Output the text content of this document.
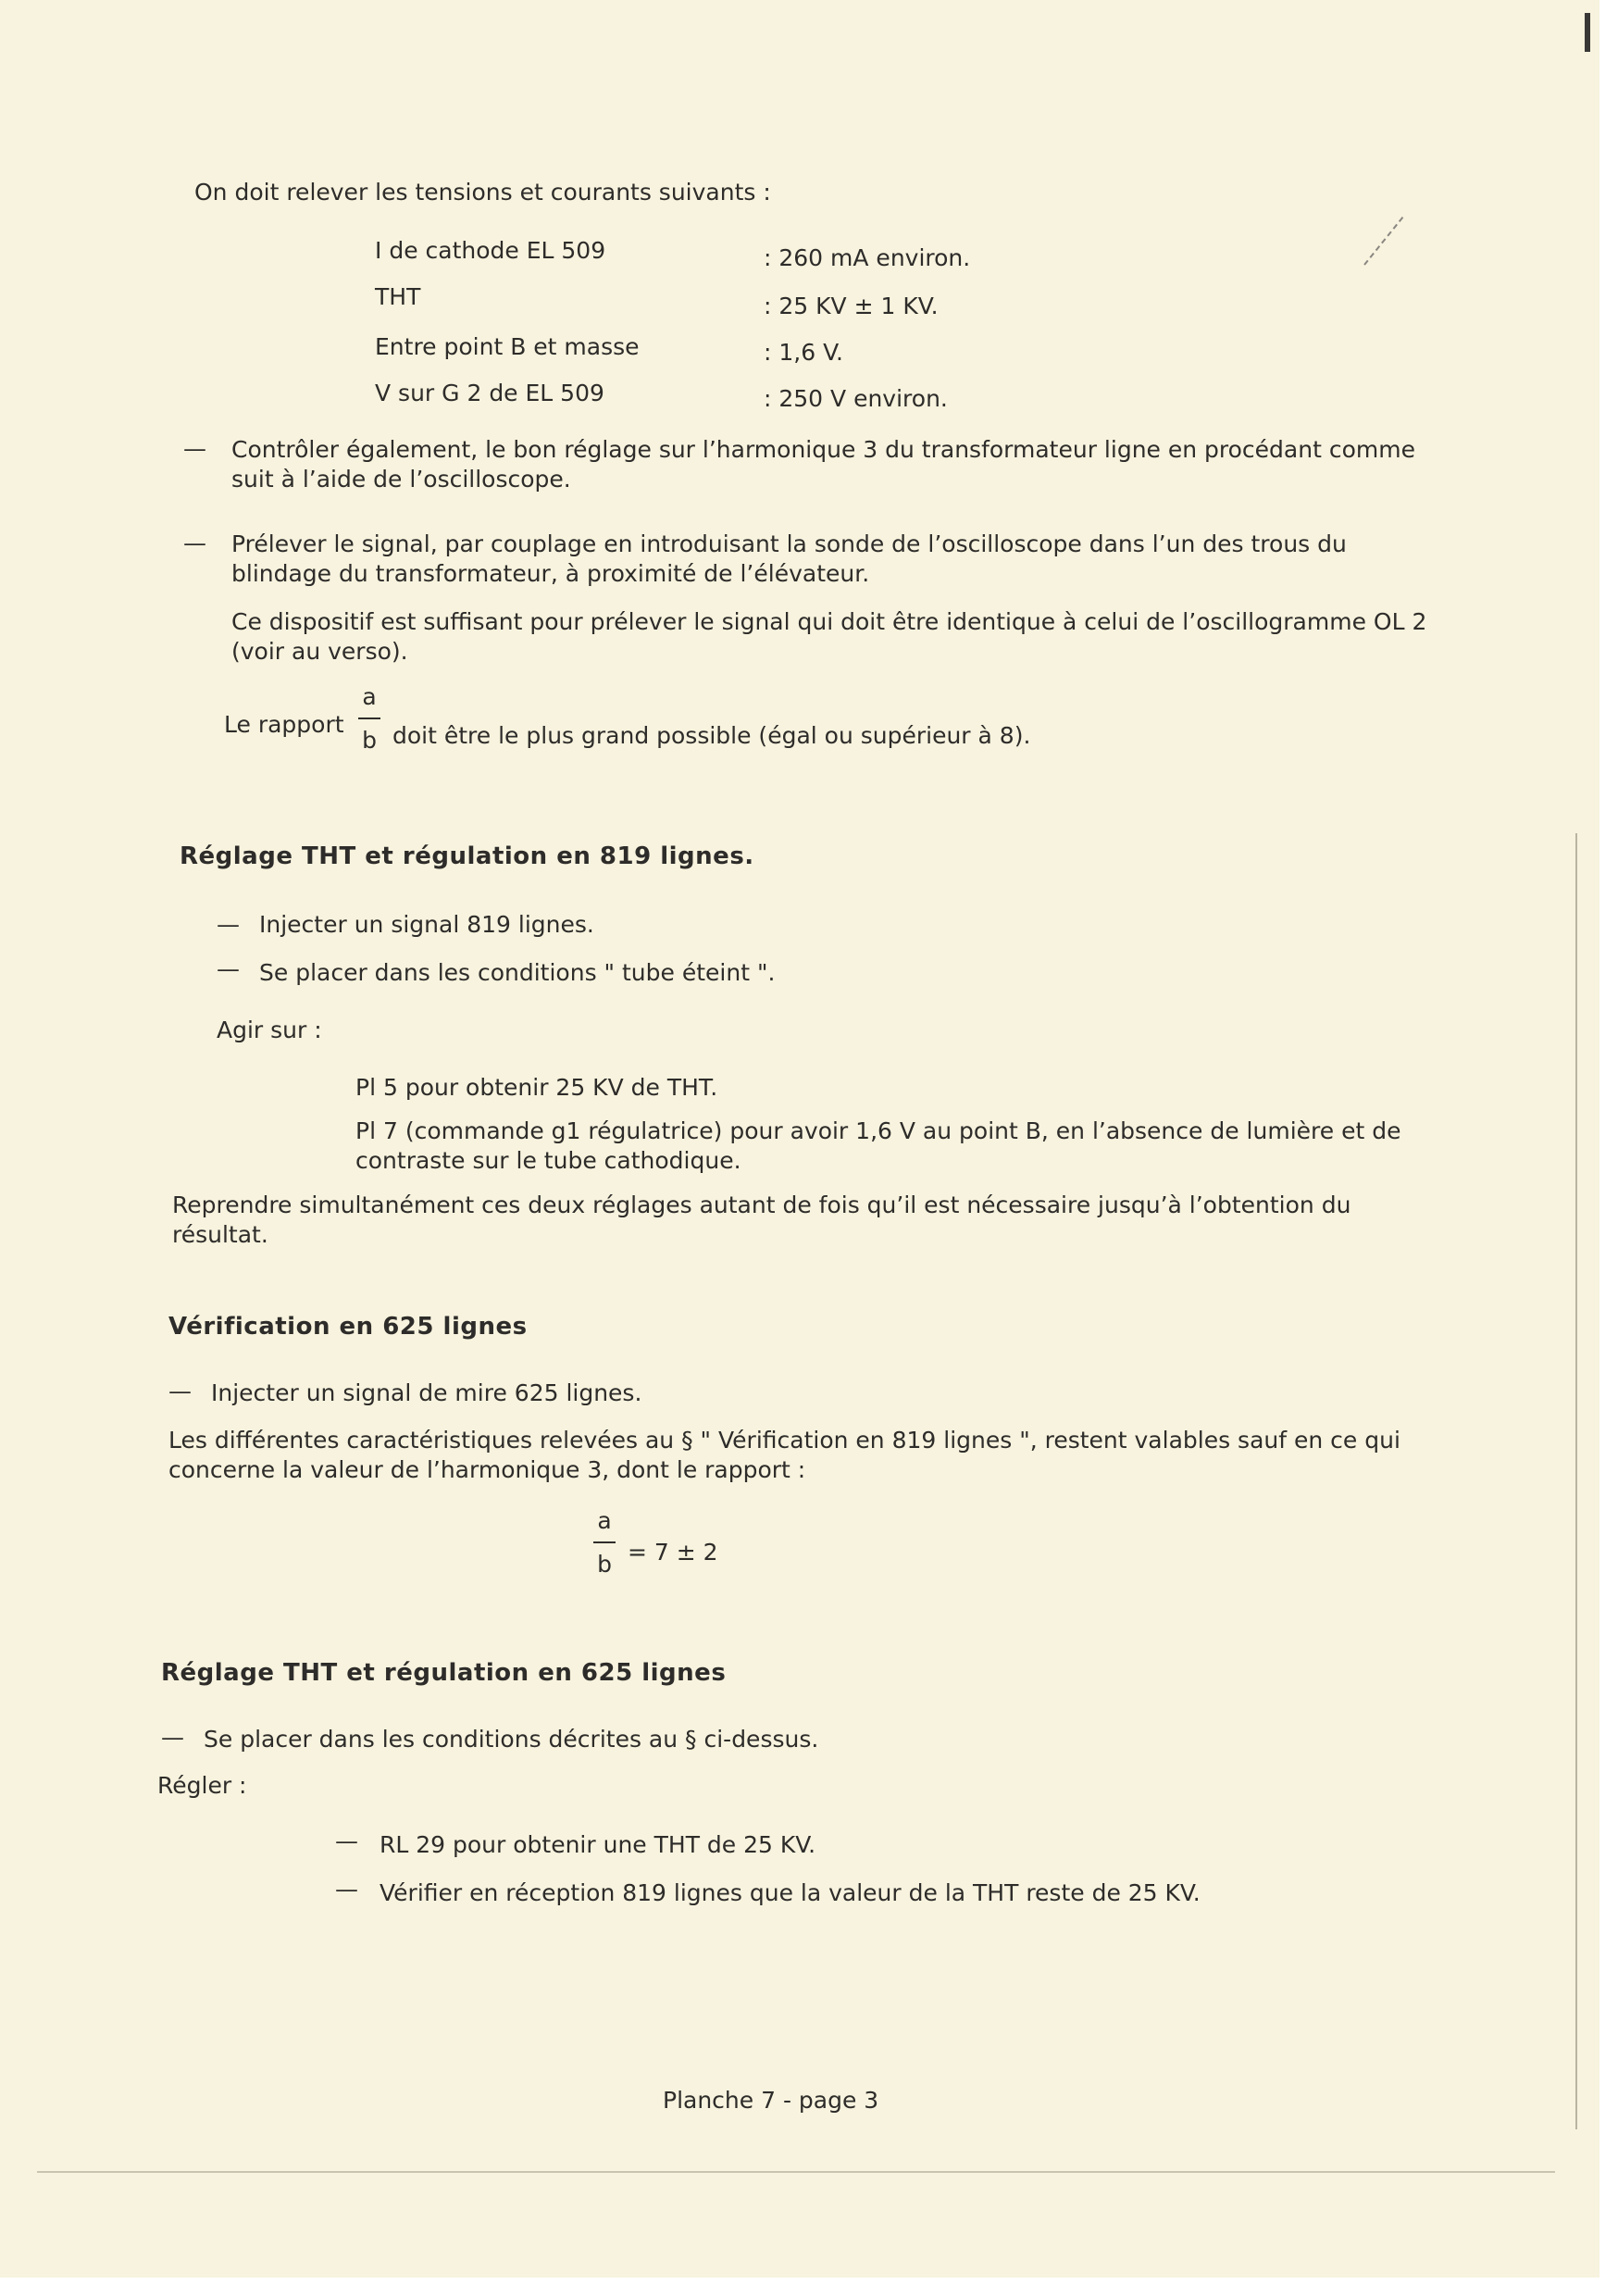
On doit relever les tensions et courants suivants :
I de cathode EL 509	: 260 mA environ.
THT	: 25 KV ± 1 KV.
Entre point B et masse	: 1,6 V.
V sur G 2 de EL 509	: 250 V environ.
— Contrôler également, le bon réglage sur l’harmonique 3 du transformateur ligne en procédant comme suit à l’aide de l’oscilloscope.
— Prélever le signal, par couplage en introduisant la sonde de l’oscilloscope dans l’un des trous du blindage du transformateur, à proximité de l’élévateur.
Ce dispositif est suffisant pour prélever le signal qui doit être identique à celui de l’oscillogramme OL 2 (voir au verso).
Le rapport
a
b doit être le plus grand possible (égal ou supérieur à 8).
Réglage THT et régulation en 819 lignes.
— Injecter un signal 819 lignes.
— Se placer dans les conditions " tube éteint ".
Agir sur :
Pl 5 pour obtenir 25 KV de THT.
Pl 7 (commande g1 régulatrice) pour avoir 1,6 V au point B, en l’absence de lumière et de contraste sur le tube cathodique.
Reprendre simultanément ces deux réglages autant de fois qu’il est nécessaire jusqu’à l’obtention du résultat.
Vérification en 625 lignes
— Injecter un signal de mire 625 lignes.
Les différentes caractéristiques relevées au § " Vérification en 819 lignes ", restent valables sauf en ce qui concerne la valeur de l’harmonique 3, dont le rapport :
a
b = 7 ± 2
Réglage THT et régulation en 625 lignes
— Se placer dans les conditions décrites au § ci-dessus.
Régler :
— RL 29 pour obtenir une THT de 25 KV.
— Vérifier en réception 819 lignes que la valeur de la THT reste de 25 KV.
Planche 7 - page 3
